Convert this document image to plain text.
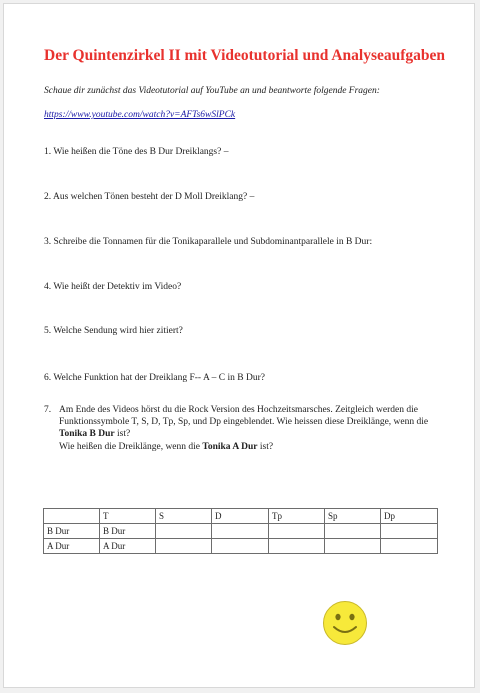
Der Quintenzirkel II mit Videotutorial und Analyseaufgaben
Schaue dir zunächst das Videotutorial auf YouTube an und beantworte folgende Fragen:
https://www.youtube.com/watch?v=AFTs6wSlPCk
1. Wie heißen die Töne des B Dur Dreiklangs? –
2. Aus welchen Tönen besteht der D Moll Dreiklang? –
3. Schreibe die Tonnamen für die Tonikaparallele und Subdominantparallele in B Dur:
4. Wie heißt der Detektiv im Video?
5. Welche Sendung wird hier zitiert?
6. Welche Funktion hat der Dreiklang F-- A – C in B Dur?
7. Am Ende des Videos hörst du die Rock Version des Hochzeitsmarsches. Zeitgleich werden die Funktionssymbole T, S, D, Tp, Sp, und Dp eingeblendet. Wie heissen diese Dreiklänge, wenn die Tonika B Dur ist?
Wie heißen die Dreiklänge, wenn die Tonika A Dur ist?
	T	S	D	Tp	Sp	Dp
B Dur	B Dur					
A Dur	A Dur					
